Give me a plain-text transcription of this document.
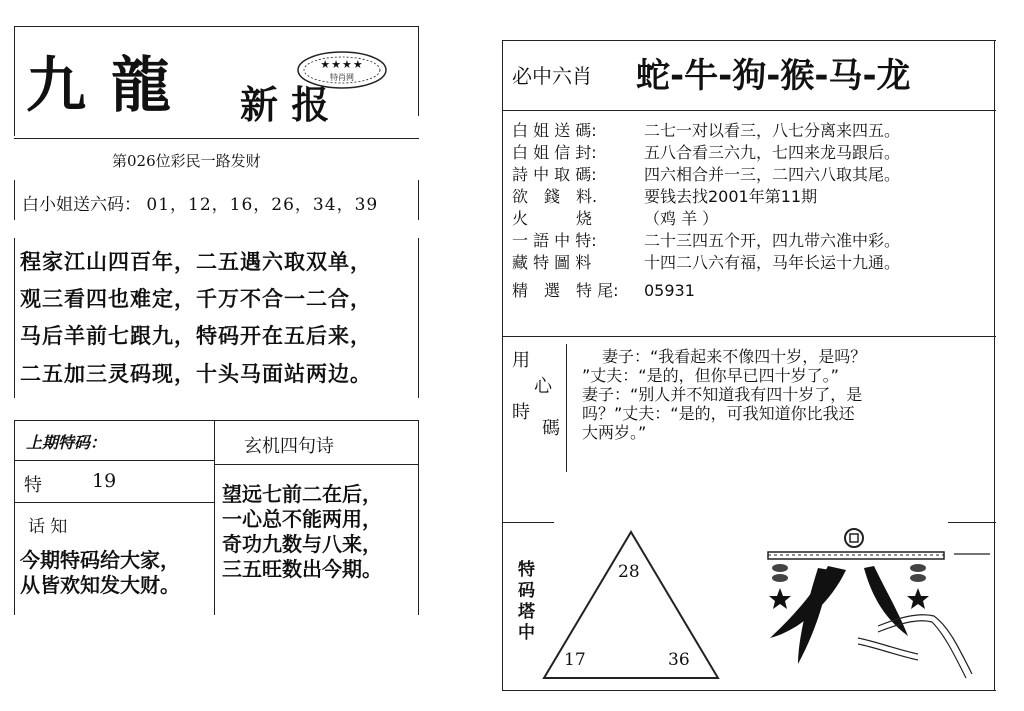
九 龍 新 报
★★★★
特肖网
第026位彩民一路发财
白小姐送六码： 01，12，16，26，34，39
程家江山四百年，二五遇六取双单，
观三看四也难定，千万不合一二合，
马后羊前七跟九，特码开在五后来，
二五加三灵码现，十头马面站两边。
上期特码：
特	19
话 知
今期特码给大家，
从皆欢知发大财。
玄机四句诗
望远七前二在后，
一心总不能两用，
奇功九数与八来，
三五旺数出今期。
必中六肖 蛇-牛-狗-猴-马-龙
白 姐 送 碼:	二七一对以看三，八七分离来四五。
白 姐 信 封:	五八合看三六九，七四来龙马跟后。
詩 中 取 碼:	四六相合并一三，二四六八取其尾。
欲　錢　料.	要钱去找2001年第11期
火　　　烧	（鸡 羊 ）
一 語 中 特:	二十三四五个开，四九带六准中彩。
藏 特 圖 料	十四二八六有福，马年长运十九通。
精　選　特 尾: 05931
用
心
時
碼
妻子：“我看起来不像四十岁，是吗？
”丈夫：“是的，但你早已四十岁了。”
妻子：“别人并不知道我有四十岁了，是
吗？”丈夫：“是的，可我知道你比我还
大两岁。”
特
码
塔
中
28
17	36
